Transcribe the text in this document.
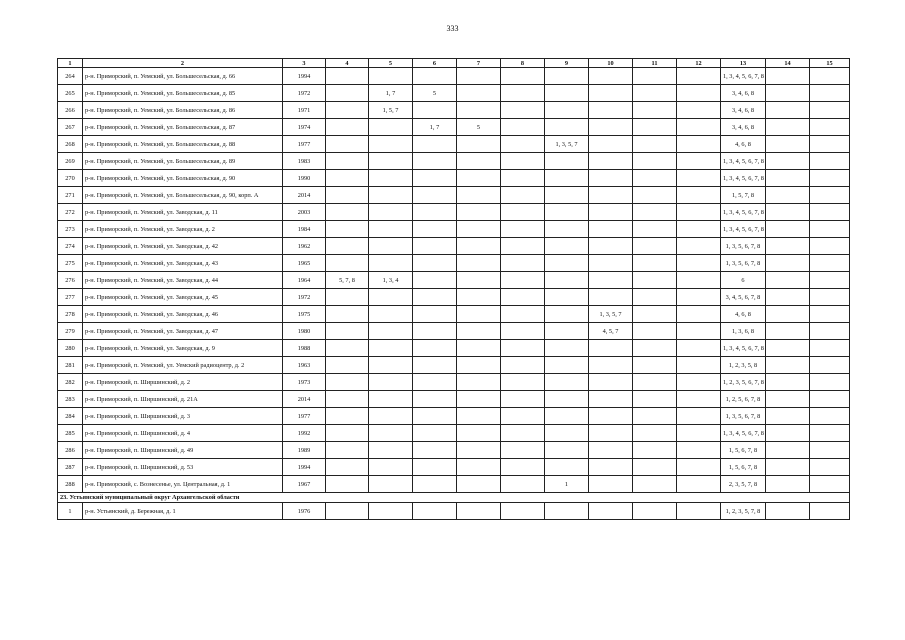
333
1	2	3	4	5	6	7	8	9	10	11	12	13	14	15
264	р-н. Приморский, п. Уемский, ул. Большесельская, д. 66	1994										1, 3, 4, 5, 6, 7, 8		
265	р-н. Приморский, п. Уемский, ул. Большесельская, д. 85	1972		1, 7	5							3, 4, 6, 8		
266	р-н. Приморский, п. Уемский, ул. Большесельская, д. 86	1971		1, 5, 7								3, 4, 6, 8		
267	р-н. Приморский, п. Уемский, ул. Большесельская, д. 87	1974			1, 7	5						3, 4, 6, 8		
268	р-н. Приморский, п. Уемский, ул. Большесельская, д. 88	1977						1, 3, 5, 7				4, 6, 8		
269	р-н. Приморский, п. Уемский, ул. Большесельская, д. 89	1983										1, 3, 4, 5, 6, 7, 8		
270	р-н. Приморский, п. Уемский, ул. Большесельская, д. 90	1990										1, 3, 4, 5, 6, 7, 8		
271	р-н. Приморский, п. Уемский, ул. Большесельская, д. 90, корп. А	2014										1, 5, 7, 8		
272	р-н. Приморский, п. Уемский, ул. Заводская, д. 11	2003										1, 3, 4, 5, 6, 7, 8		
273	р-н. Приморский, п. Уемский, ул. Заводская, д. 2	1984										1, 3, 4, 5, 6, 7, 8		
274	р-н. Приморский, п. Уемский, ул. Заводская, д. 42	1962										1, 3, 5, 6, 7, 8		
275	р-н. Приморский, п. Уемский, ул. Заводская, д. 43	1965										1, 3, 5, 6, 7, 8		
276	р-н. Приморский, п. Уемский, ул. Заводская, д. 44	1964	5, 7, 8	1, 3, 4								6		
277	р-н. Приморский, п. Уемский, ул. Заводская, д. 45	1972										3, 4, 5, 6, 7, 8		
278	р-н. Приморский, п. Уемский, ул. Заводская, д. 46	1975							1, 3, 5, 7			4, 6, 8		
279	р-н. Приморский, п. Уемский, ул. Заводская, д. 47	1980							4, 5, 7			1, 3, 6, 8		
280	р-н. Приморский, п. Уемский, ул. Заводская, д. 9	1988										1, 3, 4, 5, 6, 7, 8		
281	р-н. Приморский, п. Уемский, ул. Уемский радиоцентр, д. 2	1963										1, 2, 3, 5, 8		
282	р-н. Приморский, п. Ширшинский, д. 2	1973										1, 2, 3, 5, 6, 7, 8		
283	р-н. Приморский, п. Ширшинский, д. 21А	2014										1, 2, 5, 6, 7, 8		
284	р-н. Приморский, п. Ширшинский, д. 3	1977										1, 3, 5, 6, 7, 8		
285	р-н. Приморский, п. Ширшинский, д. 4	1992										1, 3, 4, 5, 6, 7, 8		
286	р-н. Приморский, п. Ширшинский, д. 49	1989										1, 5, 6, 7, 8		
287	р-н. Приморский, п. Ширшинский, д. 53	1994										1, 5, 6, 7, 8		
288	р-н. Приморский, с. Вознесенье, ул. Центральная, д. 1	1967						1				2, 3, 5, 7, 8		
23. Устьянский муниципальный округ Архангельской области														
1	р-н. Устьянский, д. Бережная, д. 1	1976										1, 2, 3, 5, 7, 8		
